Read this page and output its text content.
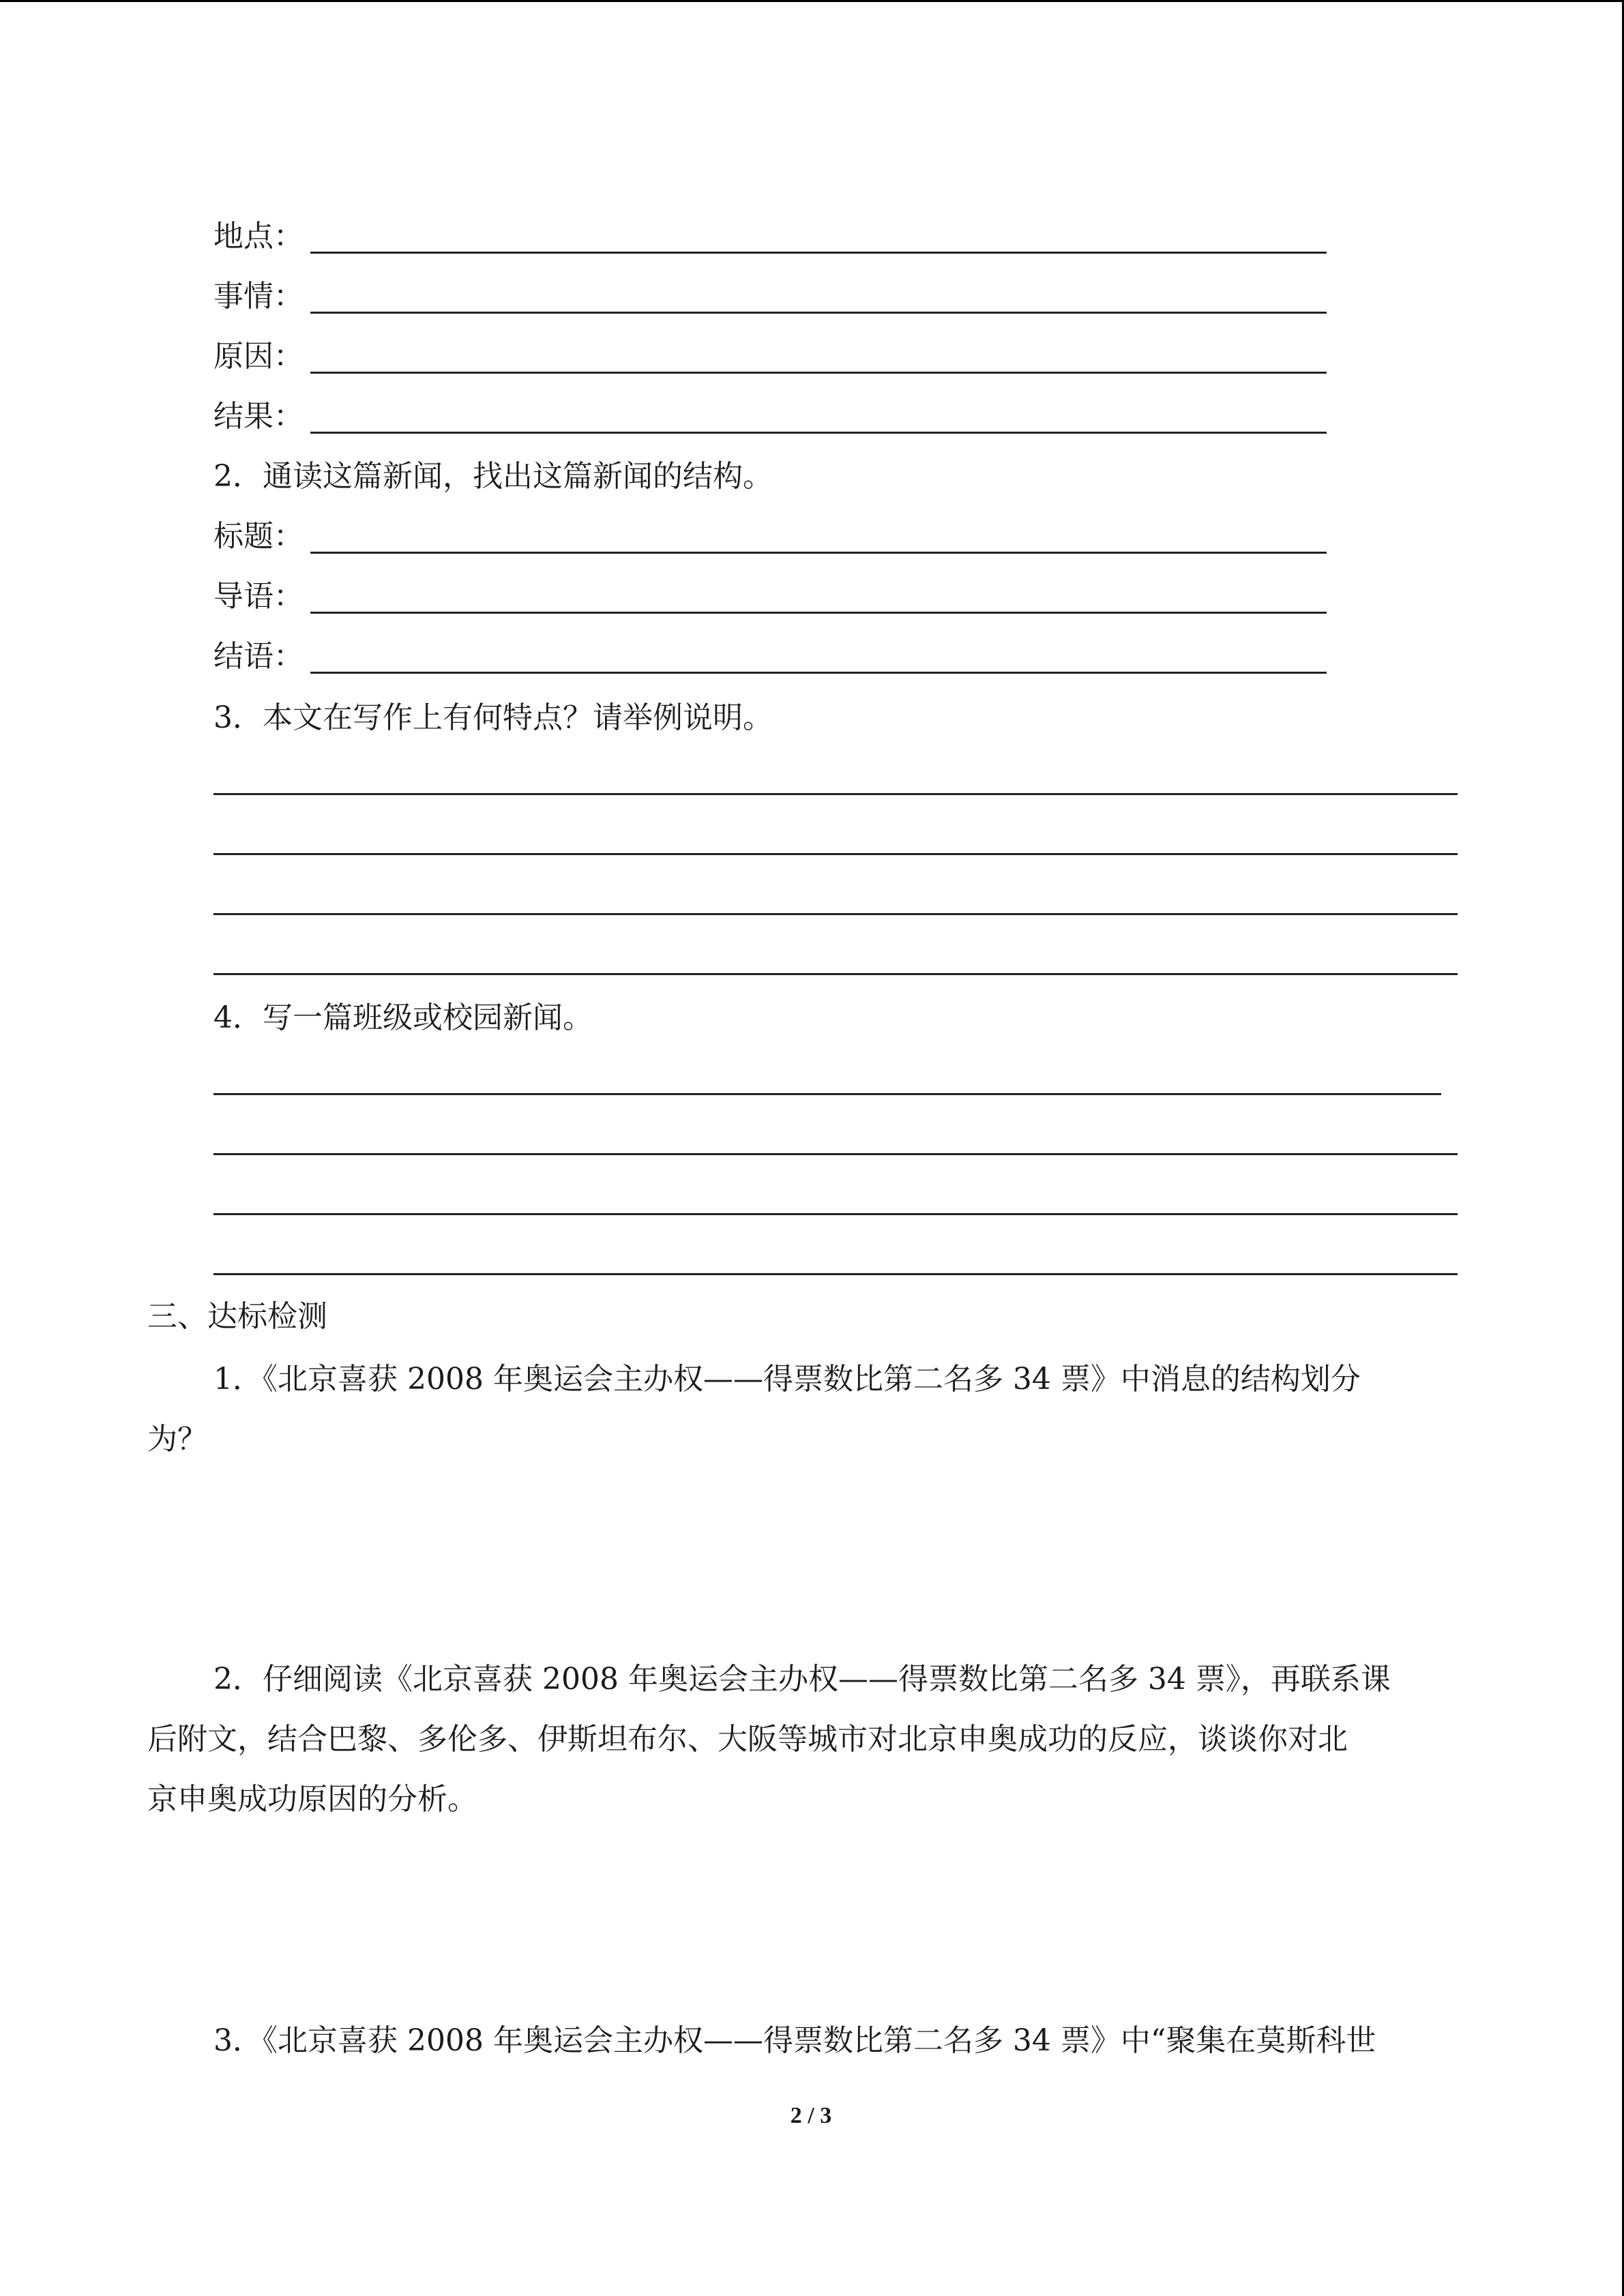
地点：

事情：

原因：

结果：

2．通读这篇新闻，找出这篇新闻的结构。

标题：

导语：

结语：

3．本文在写作上有何特点？请举例说明。

4．写一篇班级或校园新闻。

三、达标检测

1．《北京喜获 2008 年奥运会主办权——得票数比第二名多 34 票》中消息的结构划分

为？

2．仔细阅读《北京喜获 2008 年奥运会主办权——得票数比第二名多 34 票》，再联系课

后附文，结合巴黎、多伦多、伊斯坦布尔、大阪等城市对北京申奥成功的反应，谈谈你对北

京申奥成功原因的分析。

3．《北京喜获 2008 年奥运会主办权——得票数比第二名多 34 票》中“聚集在莫斯科世

2 / 3
